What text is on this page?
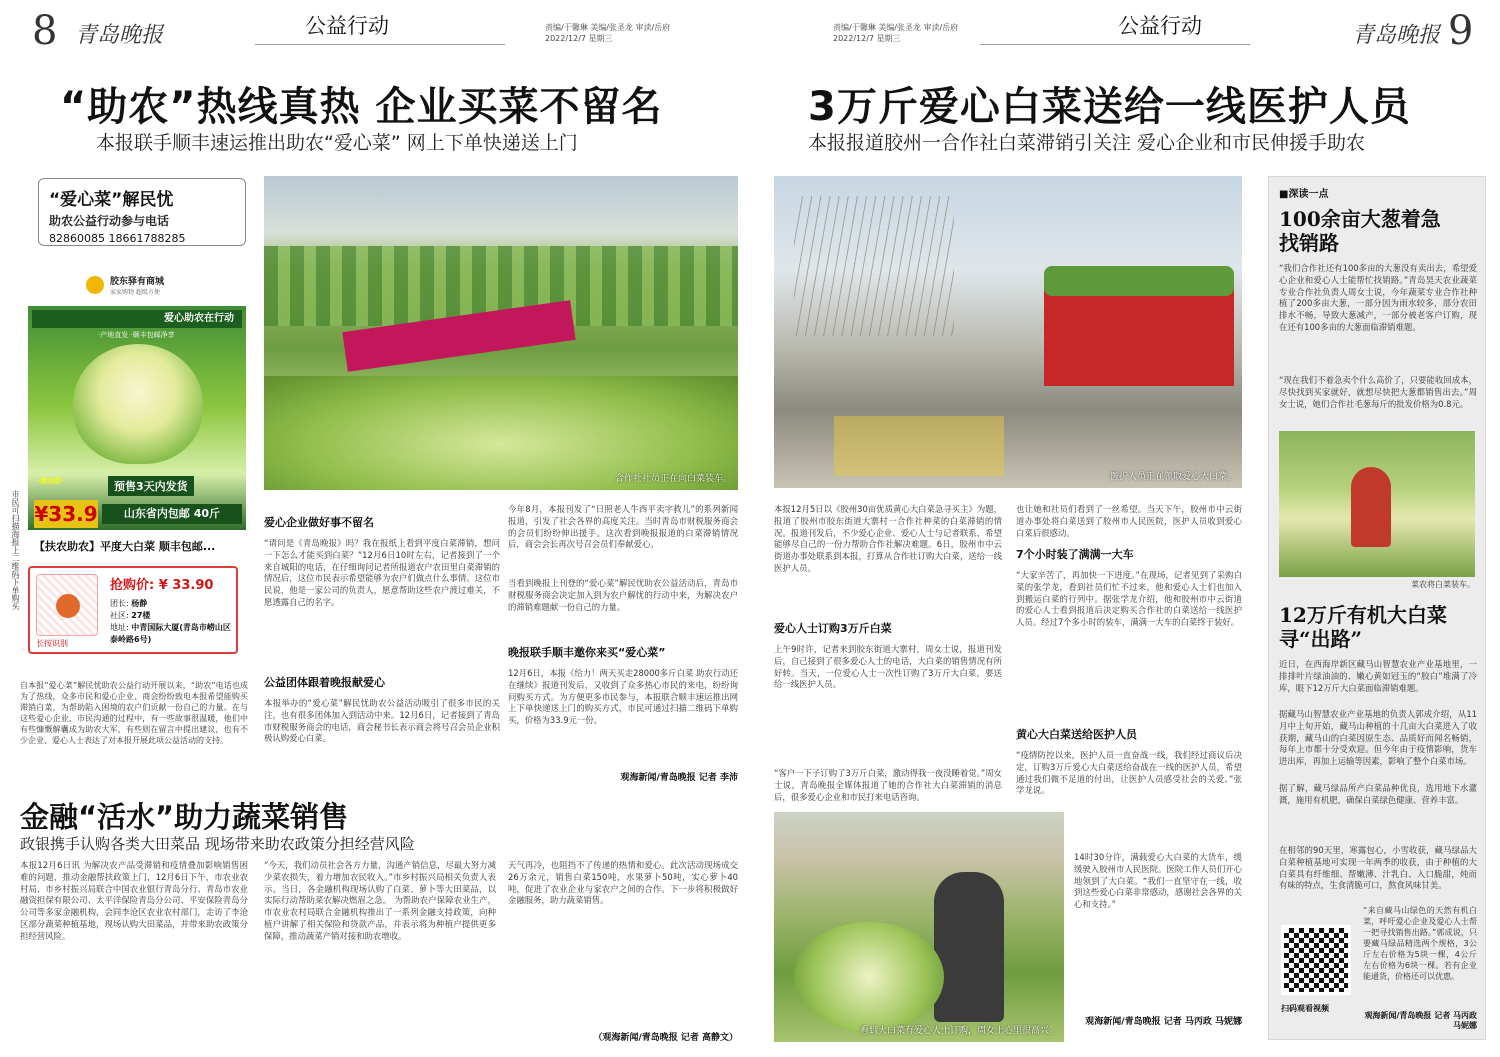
8 青岛晚报	公益行动	责编/于馨琳 美编/张圣龙 审读/岳府
2022/12/7 星期三
“助农”热线真热 企业买菜不留名
本报联手顺丰速运推出助农“爱心菜” 网上下单快递送上门
“爱心菜”解民忧
助农公益行动参与电话
82860085 18661788285
胶东驿有商城
家家购物 超级方便
爱心助农在行动
·产地直发 ·顺丰包邮净享
预售3天内发货
·助农价·
¥33.9	山东省内包邮 40斤
市民可扫描海报上二维码下单购买 【扶农助农】平度大白菜 顺丰包邮...
长按识别
抢购价: ¥ 33.90
团长: 杨静
社区: 27楼
地址: 中青国际大厦(青岛市崂山区泰岭路6号)
自本报“爱心菜”解民忧助农公益行动开展以来，“助农”电话也成为了热线，众多市民和爱心企业、商会纷纷致电本报希望能购买滞销白菜，为帮助陷入困境的农户们贡献一份自己的力量。在与这些爱心企业、市民沟通的过程中，有一些故事很温暖，他们中有些慷慨解囊成为助农大军，有些则在留言中提出建议，也有不少企业、爱心人士表达了对本报开展此项公益活动的支持。
合作社社员正在向白菜装车。
爱心企业做好事不留名
“请问是《青岛晚报》吗？我在报纸上看到平度白菜滞销，想问一下怎么才能买到白菜？”12月6日10时左右，记者接到了一个来自城阳的电话，在仔细询问记者所报道农户农田里白菜滞销的情况后，这位市民表示希望能够为农户们做点什么事情。这位市民说，他是一家公司的负责人，愿意帮助这些农户渡过难关，不愿透露自己的名字。
公益团体跟着晚报献爱心
本报举办的“爱心菜”解民忧助农公益活动吸引了很多市民的关注，也有很多团体加入到活动中来。12月6日，记者接到了青岛市财税服务商会的电话，商会秘书长表示商会将号召会员企业积极认购爱心白菜。
今年8月，本报刊发了“日照老人牛西平卖字救儿”的系列新闻报道，引发了社会各界的高度关注。当时青岛市财税服务商会的会员们纷纷伸出援手。这次看到晚报报道的白菜滞销情况后，商会会长再次号召会员们奉献爱心。
当看到晚报上刊登的“爱心菜”解民忧助农公益活动后，青岛市财税服务商会决定加入到为农户解忧的行动中来，为解决农户的滞销难题献一份自己的力量。
晚报联手顺丰邀你来买“爱心菜”
12月6日，本报《给力！两天买走28000多斤白菜 助农行动还在继续》报道刊发后，又收到了众多热心市民的来电，纷纷询问购买方式。为方便更多市民参与，本报联合顺丰速运推出网上下单快递送上门的购买方式，市民可通过扫描二维码下单购买，价格为33.9元一份。
观海新闻/青岛晚报 记者 李沛
金融“活水”助力蔬菜销售
政银携手认购各类大田菜品 现场带来助农政策分担经营风险
本报12月6日讯 为解决农产品受滞销和疫情叠加影响销售困难的问题，推动金融帮扶政策上门，12月6日下午，市农业农村局、市乡村振兴局联合中国农业银行青岛分行、青岛市农业融资担保有限公司、太平洋保险青岛分公司、平安保险青岛分公司等多家金融机构，会同李沧区农业农村部门，走访了李沧区部分蔬菜种植基地，现场认购大田菜品，并带来助农政策分担经营风险。
“今天，我们动员社会各方力量，沟通产销信息，尽最大努力减少菜农损失，着力增加农民收入。”市乡村振兴局相关负责人表示。当日，各金融机构现场认购了白菜、萝卜等大田菜品，以实际行动帮助菜农解决燃眉之急。 为帮助农户保障农业生产，市农业农村局联合金融机构推出了一系列金融支持政策，向种植户讲解了相关保险和贷款产品，并表示将为种植户提供更多保障，推动蔬菜产销对接和助农增收。
天气再冷，也阻挡不了传递的热情和爱心。此次活动现场成交26万余元，销售白菜150吨，水果萝卜50吨，实心萝卜40吨，促进了农业企业与家农户之间的合作。下一步将积极做好金融服务，助力蔬菜销售。
（观海新闻/青岛晚报 记者 高静文）
责编/于馨琳 美编/张圣龙 审读/岳府
2022/12/7 星期三
公益行动	青岛晚报 9
3万斤爱心白菜送给一线医护人员
本报报道胶州一合作社白菜滞销引关注 爱心企业和市民伸援手助农
医护人员正在领取爱心大白菜。
本报12月5日以《胶州30亩优质黄心大白菜急寻买主》为题，报道了胶州市胶东街道大寨村一合作社种菜的白菜滞销的情况。报道刊发后，不少爱心企业、爱心人士与记者联系，希望能够尽自己的一份力帮助合作社解决难题。6日，胶州市中云街道办事处联系到本报，打算从合作社订购大白菜，送给一线医护人员。
爱心人士订购3万斤白菜
上午9时许，记者来到胶东街道大寨村，周女士说，报道刊发后，自己接到了很多爱心人士的电话，大白菜的销售情况有所好转。当天，一位爱心人士一次性订购了3万斤大白菜，要送给一线医护人员。
“客户一下子订购了3万斤白菜，激动得我一夜没睡着觉。”周女士说，青岛晚报全媒体报道了她的合作社大白菜滞销的消息后，很多爱心企业和市民打来电话咨询。
也让她和社员们看到了一丝希望。当天下午，胶州市中云街道办事处将白菜送到了胶州市人民医院，医护人员收到爱心白菜后很感动。
7个小时装了满满一大车
“大家辛苦了，再加快一下进度。”在现场，记者见到了采购白菜的张学龙，看到社员们忙不过来，他和爱心人士们也加入到搬运白菜的行列中。据张学龙介绍，他和胶州市中云街道的爱心人士看到报道后决定购买合作社的白菜送给一线医护人员。经过7个多小时的装车，满满一大车的白菜终于装好。
黄心大白菜送给医护人员
“疫情防控以来，医护人员一直奋战一线，我们经过商议后决定，订购3万斤爱心大白菜送给奋战在一线的医护人员，希望通过我们微不足道的付出，让医护人员感受社会的关爱。”张学龙说。
看到大白菜有爱心人士订购，周女士心里很高兴。
14时30分许，满载爱心大白菜的大货车，缓缓驶入胶州市人民医院。医院工作人员们开心地领到了大白菜。“我们一直坚守在一线，收到这些爱心白菜非常感动，感谢社会各界的关心和支持。”
观海新闻/青岛晚报 记者 马丙政 马妮娜
■深读一点
100余亩大葱着急找销路
“我们合作社还有100多亩的大葱没有卖出去，希望爱心企业和爱心人士能帮忙找销路。”青岛昊天农业蔬菜专业合作社负责人周女士说，今年蔬菜专业合作社种植了200多亩大葱，一部分因为雨水较多，部分农田排水不畅，导致大葱减产，一部分被老客户订购，现在还有100多亩的大葱面临滞销难题。
“现在我们不着急卖个什么高价了，只要能收回成本，尽快找到买家就好，就想尽快把大葱都销售出去。”周女士说，她们合作社毛葱每斤的批发价格为0.8元。
菜农将白菜装车。
12万斤有机大白菜寻“出路”
近日，在西海岸新区藏马山智慧农业产业基地里，一排排叶片绿油油的、嫩心黄如冠玉的“胶白”堆满了冷库，眼下12万斤大白菜面临滞销难题。
据藏马山智慧农业产业基地的负责人郭成介绍，从11月中上旬开始，藏马山种植的十几亩大白菜进入了收获期，藏马山的白菜因原生态、品质好而闻名畅销，每年上市都十分受欢迎。但今年由于疫情影响，货车进出库，再加上运输等因素，影响了整个白菜市场。
据了解，藏马绿品所产白菜品种优良，选用地下水灌溉，施用有机肥，确保白菜绿色健康、营养丰富。
在相邻的90天里，寒露包心，小雪收获，藏马绿品大白菜种植基地可实现一年两季的收获，由于种植的大白菜具有纤维细、帮嫩薄、汁乳白、入口脆甜，炖而有味的特点，生食清脆可口，熬食风味甘美。
扫码观看视频
“来自藏马山绿色的天然有机白菜，呼吁爱心企业及爱心人士帮一把寻找销售出路。”郭成说，只要藏马绿品精选两个规格，3公斤左右价格为5块一棵，4公斤左右价格为6块一棵。若有企业能通货，价格还可以优惠。
观海新闻/青岛晚报 记者 马丙政 马妮娜
